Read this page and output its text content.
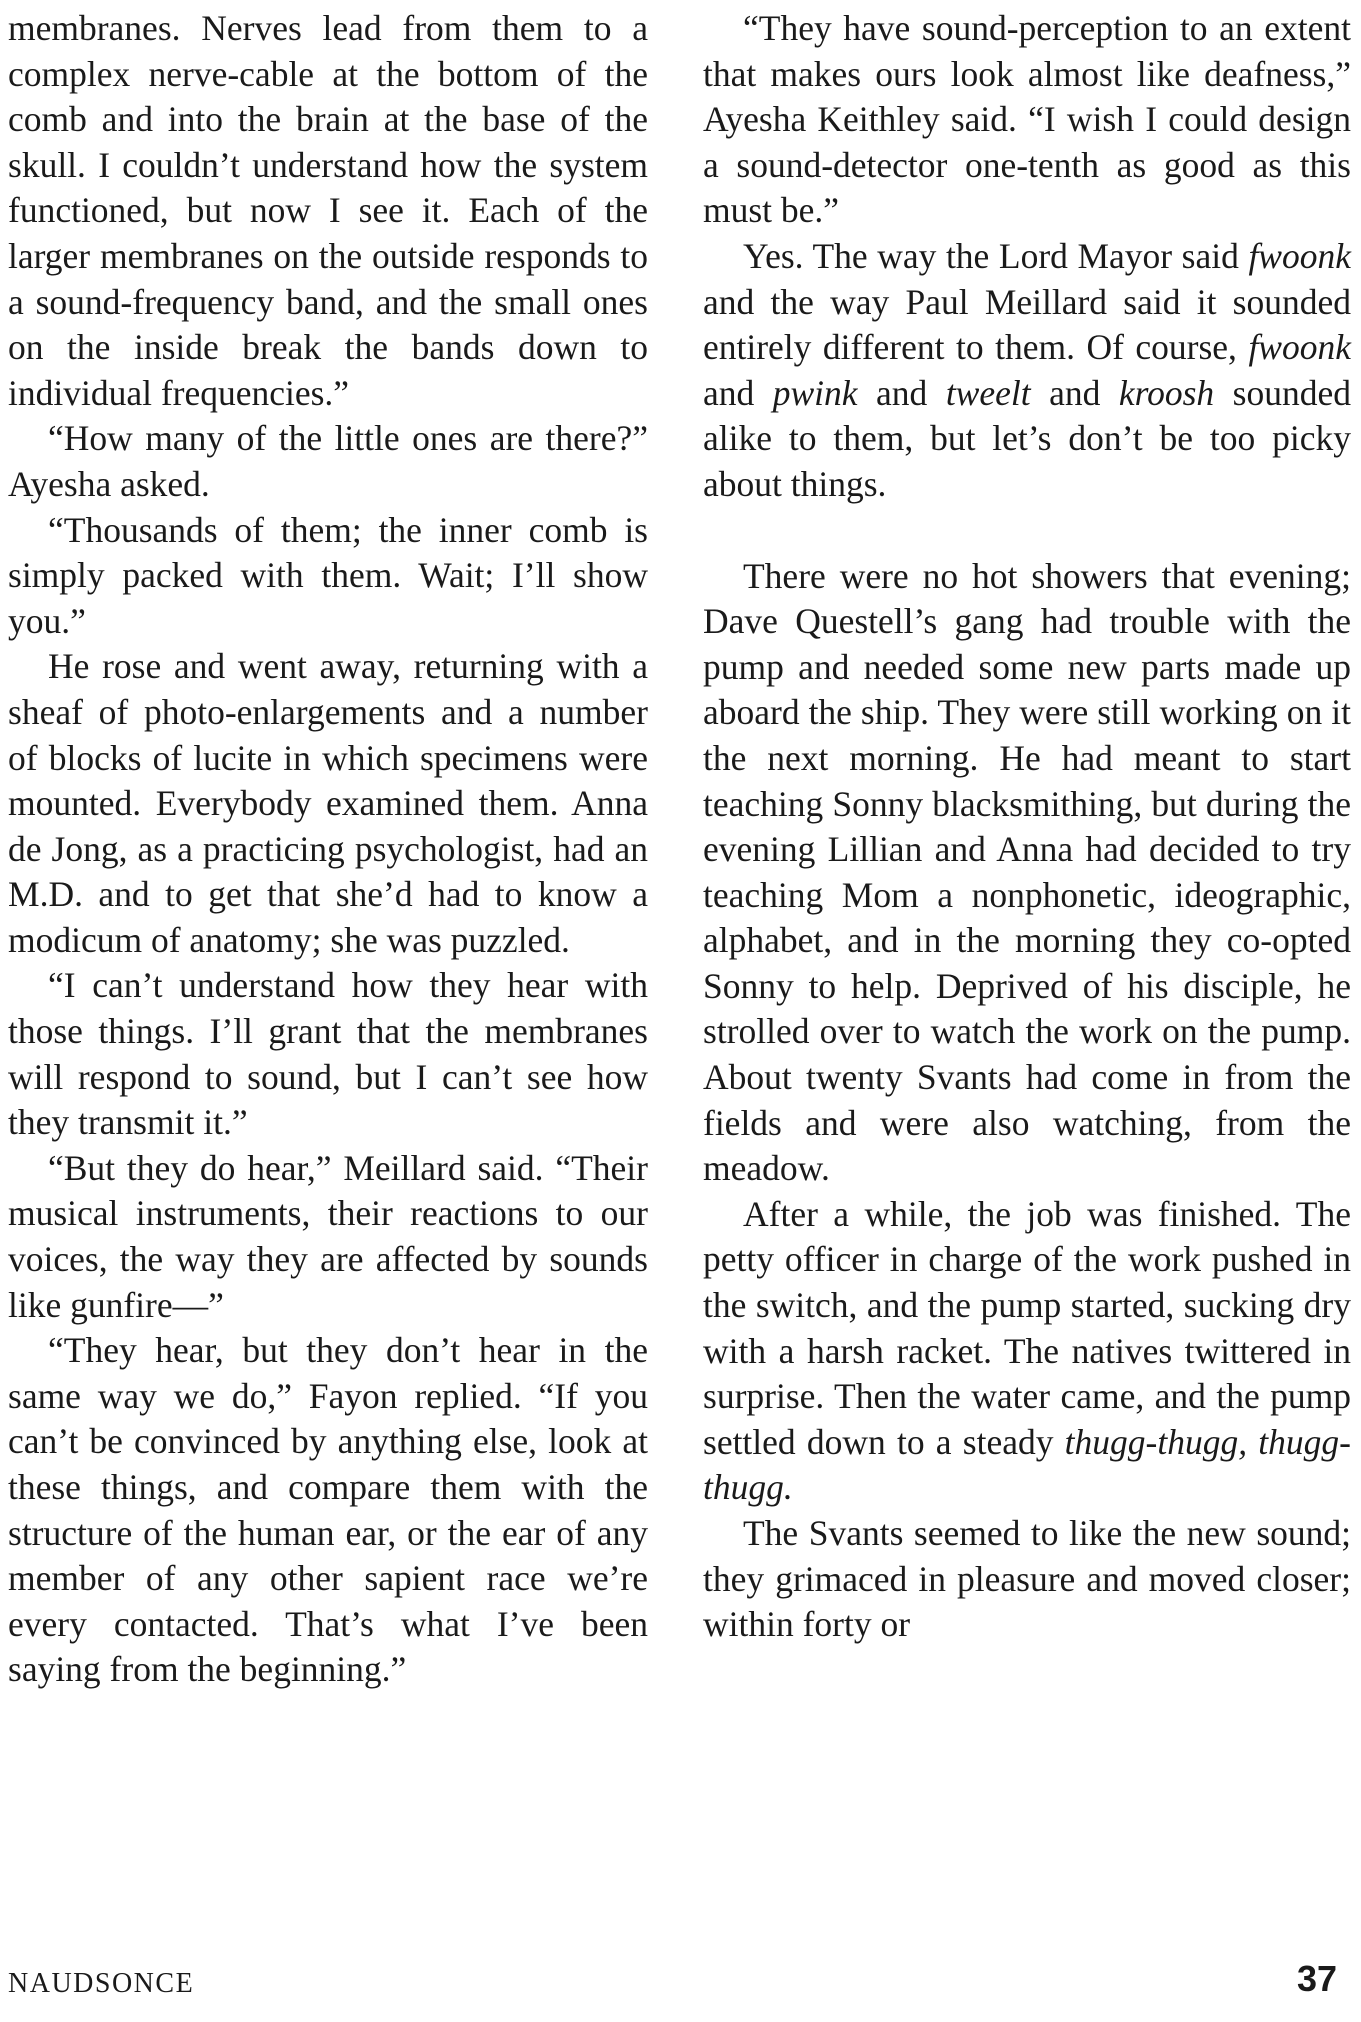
membranes. Nerves lead from them to a complex nerve-cable at the bottom of the comb and into the brain at the base of the skull. I couldn’t understand how the system functioned, but now I see it. Each of the larger membranes on the outside responds to a sound-frequency band, and the small ones on the inside break the bands down to individual frequencies.”

“How many of the little ones are there?” Ayesha asked.

“Thousands of them; the inner comb is simply packed with them. Wait; I’ll show you.”

He rose and went away, returning with a sheaf of photo-enlargements and a number of blocks of lucite in which specimens were mounted. Everybody examined them. Anna de Jong, as a practicing psychologist, had an M.D. and to get that she’d had to know a modicum of anatomy; she was puzzled.

“I can’t understand how they hear with those things. I’ll grant that the membranes will respond to sound, but I can’t see how they transmit it.”

“But they do hear,” Meillard said. “Their musical instruments, their reactions to our voices, the way they are affected by sounds like gunfire—”

“They hear, but they don’t hear in the same way we do,” Fayon replied. “If you can’t be convinced by anything else, look at these things, and compare them with the structure of the human ear, or the ear of any member of any other sapient race we’re every contacted. That’s what I’ve been saying from the beginning.”

“They have sound-perception to an extent that makes ours look almost like deafness,” Ayesha Keithley said. “I wish I could design a sound-detector one-tenth as good as this must be.”

Yes. The way the Lord Mayor said fwoonk and the way Paul Meillard said it sounded entirely different to them. Of course, fwoonk and pwink and tweelt and kroosh sounded alike to them, but let’s don’t be too picky about things.

There were no hot showers that evening; Dave Questell’s gang had trouble with the pump and needed some new parts made up aboard the ship. They were still working on it the next morning. He had meant to start teaching Sonny blacksmithing, but during the evening Lillian and Anna had decided to try teaching Mom a nonphonetic, ideographic, alphabet, and in the morning they co-opted Sonny to help. Deprived of his disciple, he strolled over to watch the work on the pump. About twenty Svants had come in from the fields and were also watching, from the meadow.

After a while, the job was finished. The petty officer in charge of the work pushed in the switch, and the pump started, sucking dry with a harsh racket. The natives twittered in surprise. Then the water came, and the pump settled down to a steady thugg-thugg, thugg-thugg.

The Svants seemed to like the new sound; they grimaced in pleasure and moved closer; within forty or

NAUDSONCE	37
